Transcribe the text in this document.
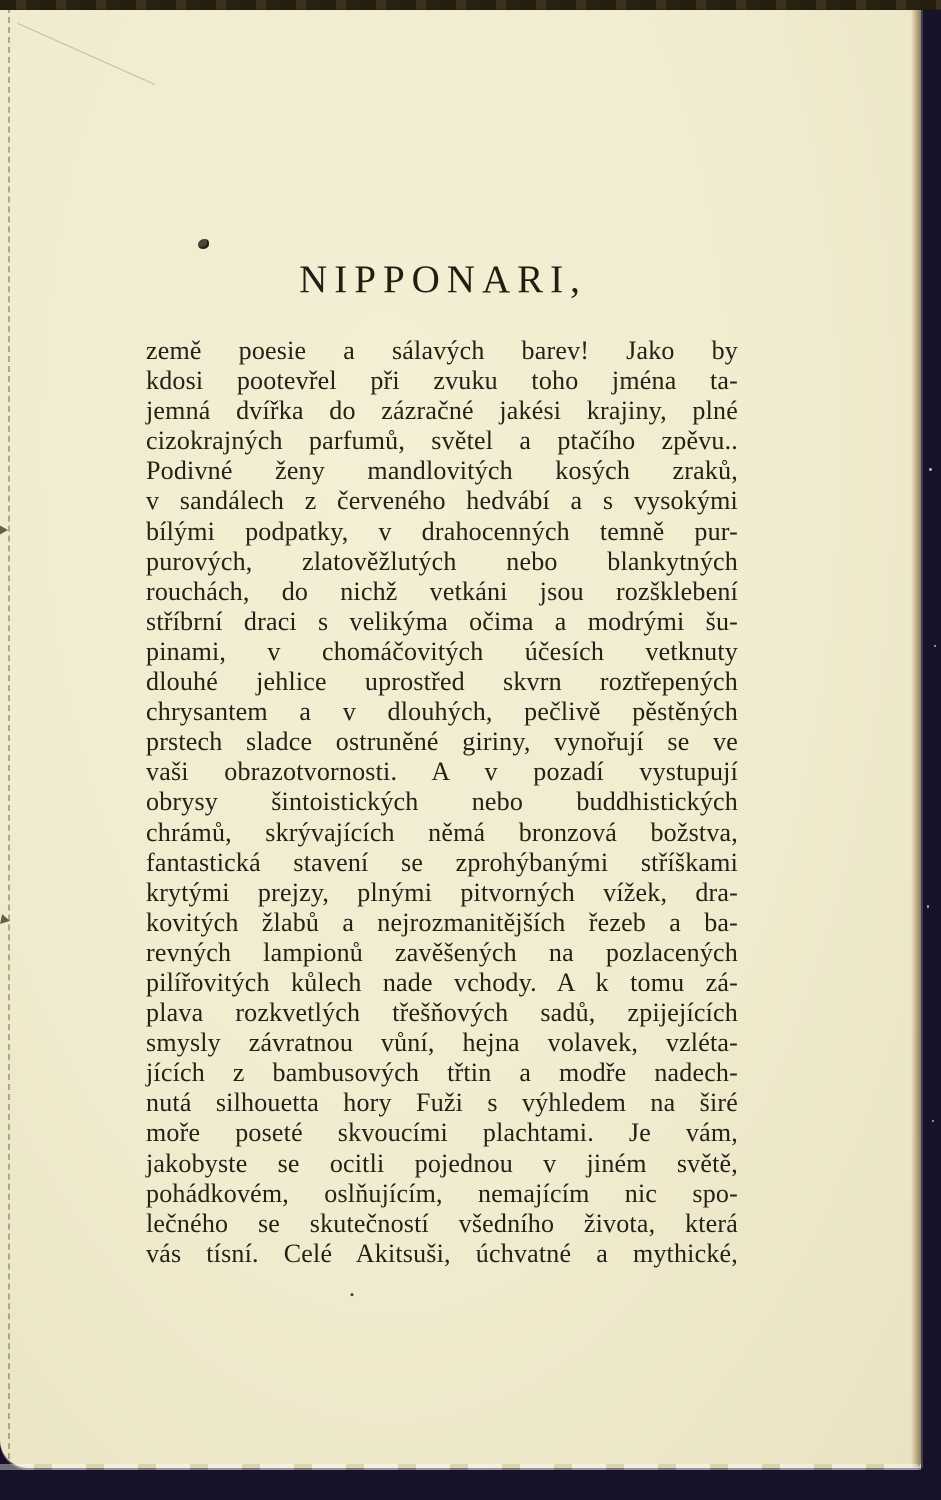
NIPPONARI,
země poesie a sálavých barev! Jako by
kdosi pootevřel při zvuku toho jména ta-
jemná dvířka do zázračné jakési krajiny, plné
cizokrajných parfumů, světel a ptačího zpěvu..
Podivné ženy mandlovitých kosých zraků,
v sandálech z červeného hedvábí a s vysokými
bílými podpatky, v drahocenných temně pur-
purových, zlatověžlutých nebo blankytných
rouchách, do nichž vetkáni jsou rozšklebení
stříbrní draci s velikýma očima a modrými šu-
pinami, v chomáčovitých účesích vetknuty
dlouhé jehlice uprostřed skvrn roztřepených
chrysantem a v dlouhých, pečlivě pěstěných
prstech sladce ostruněné giriny, vynořují se ve
vaši obrazotvornosti. A v pozadí vystupují
obrysy šintoistických nebo buddhistických
chrámů, skrývajících němá bronzová božstva,
fantastická stavení se zprohýbanými stříškami
krytými prejzy, plnými pitvorných vížek, dra-
kovitých žlabů a nejrozmanitějších řezeb a ba-
revných lampionů zavěšených na pozlacených
pilířovitých kůlech nade vchody. A k tomu zá-
plava rozkvetlých třešňových sadů, zpijejících
smysly závratnou vůní, hejna volavek, vzléta-
jících z bambusových třtin a modře nadech-
nutá silhouetta hory Fuži s výhledem na širé
moře poseté skvoucími plachtami. Je vám,
jakobyste se ocitli pojednou v jiném světě,
pohádkovém, oslňujícím, nemajícím nic spo-
lečného se skutečností všedního života, která
vás tísní. Celé Akitsuši, úchvatné a mythické,
.
